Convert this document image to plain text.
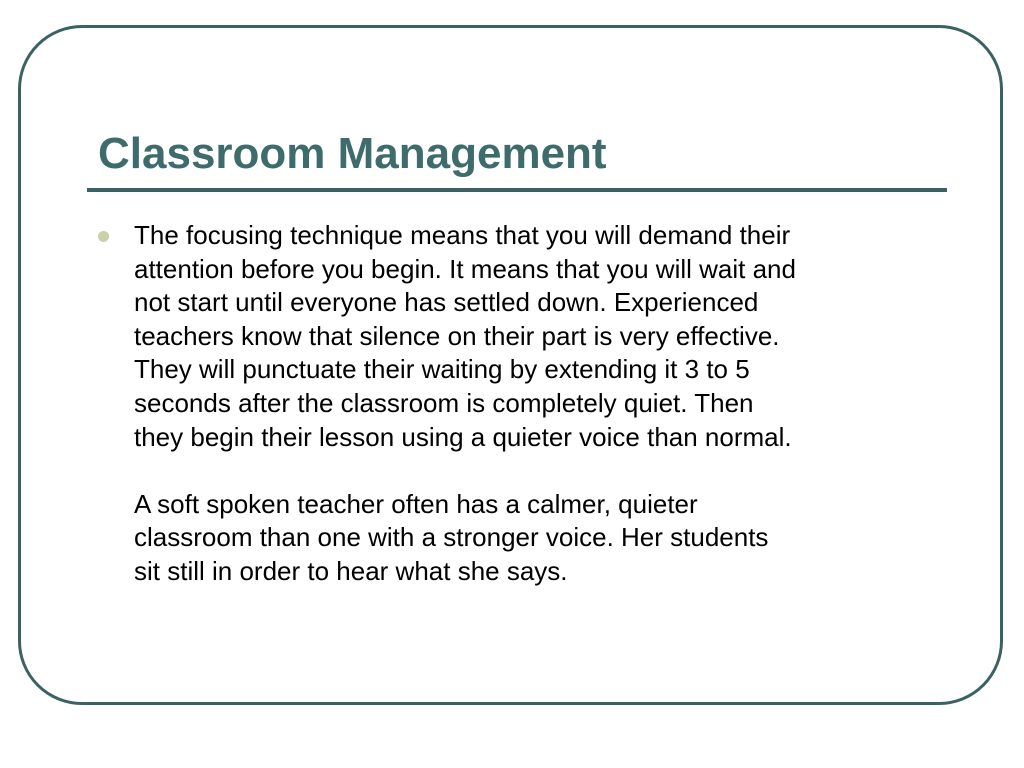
Classroom Management

The focusing technique means that you will demand their
attention before you begin. It means that you will wait and
not start until everyone has settled down. Experienced
teachers know that silence on their part is very effective.
They will punctuate their waiting by extending it 3 to 5
seconds after the classroom is completely quiet. Then
they begin their lesson using a quieter voice than normal.
A soft spoken teacher often has a calmer, quieter
classroom than one with a stronger voice. Her students
sit still in order to hear what she says.
